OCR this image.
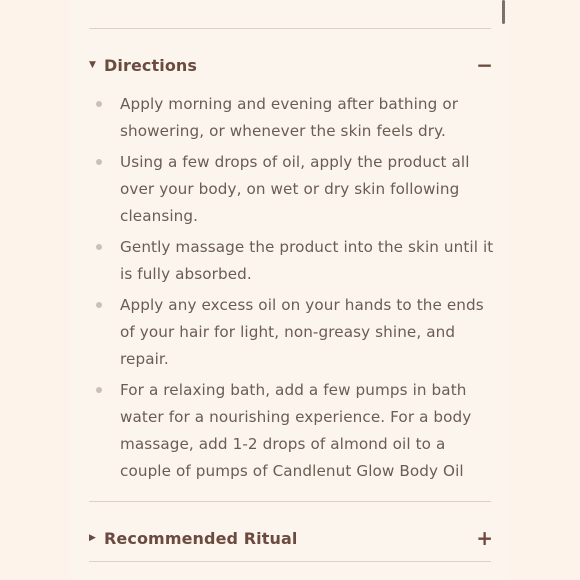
▼ Directions	−
Apply morning and evening after bathing or showering, or whenever the skin feels dry.
Using a few drops of oil, apply the product all over your body, on wet or dry skin following cleansing.
Gently massage the product into the skin until it is fully absorbed.
Apply any excess oil on your hands to the ends of your hair for light, non-greasy shine, and repair.
For a relaxing bath, add a few pumps in bath water for a nourishing experience. For a body massage, add 1-2 drops of almond oil to a couple of pumps of Candlenut Glow Body Oil
▶ Recommended Ritual	+
